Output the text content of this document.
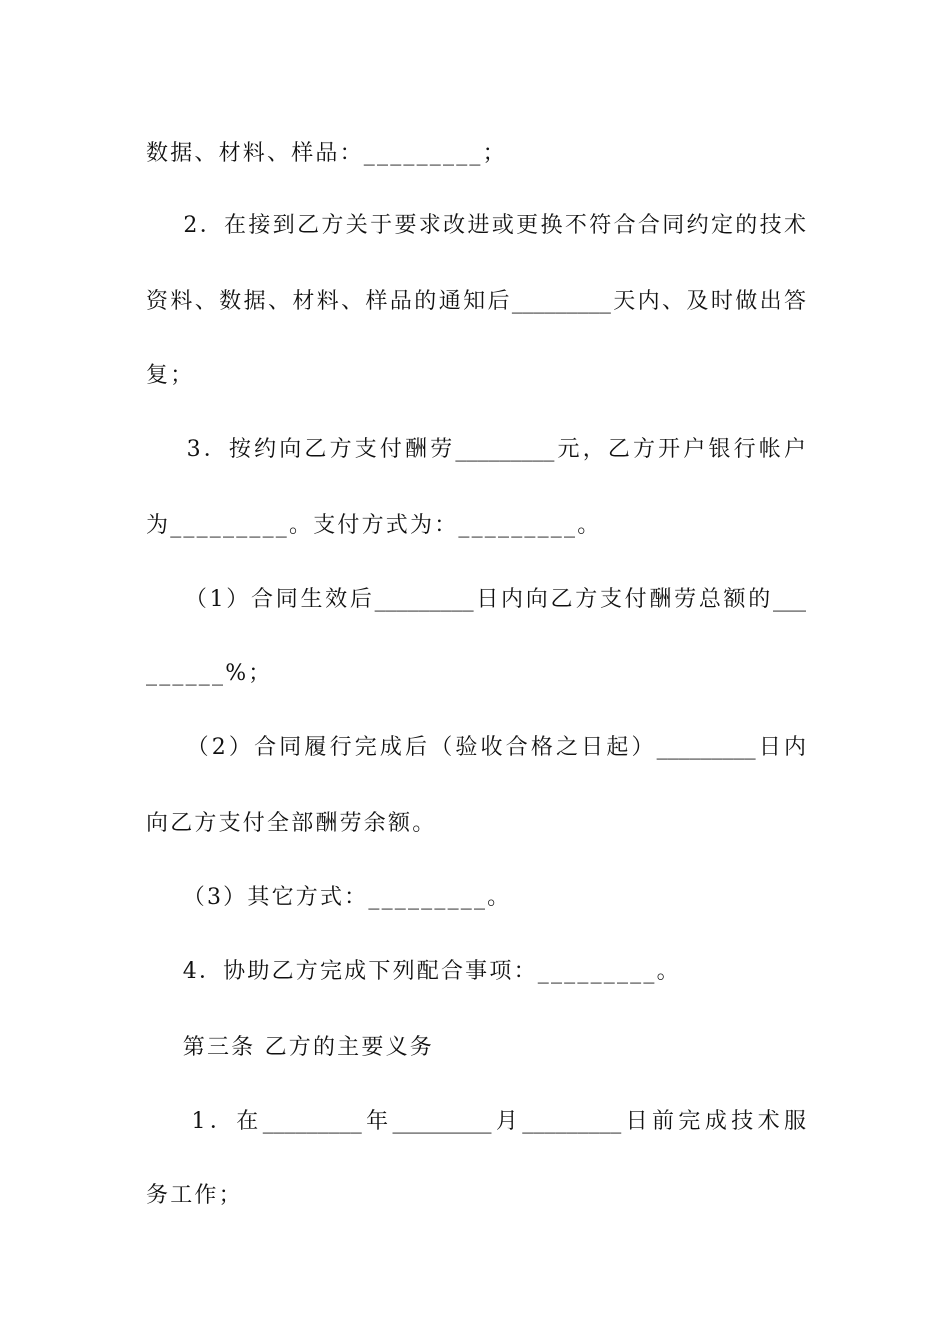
数据、材料、样品：_________；
2．在接到乙方关于要求改进或更换不符合合同约定的技术
资料、数据、材料、样品的通知后_________天内、及时做出答
复；
3．按约向乙方支付酬劳_________元，乙方开户银行帐户
为_________。支付方式为：_________。
（1）合同生效后_________日内向乙方支付酬劳总额的___
______%；
（2）合同履行完成后（验收合格之日起）_________日内
向乙方支付全部酬劳余额。
（3）其它方式：_________。
4．协助乙方完成下列配合事项：_________。
第三条 乙方的主要义务
1．在_________年_________月_________日前完成技术服
务工作；
